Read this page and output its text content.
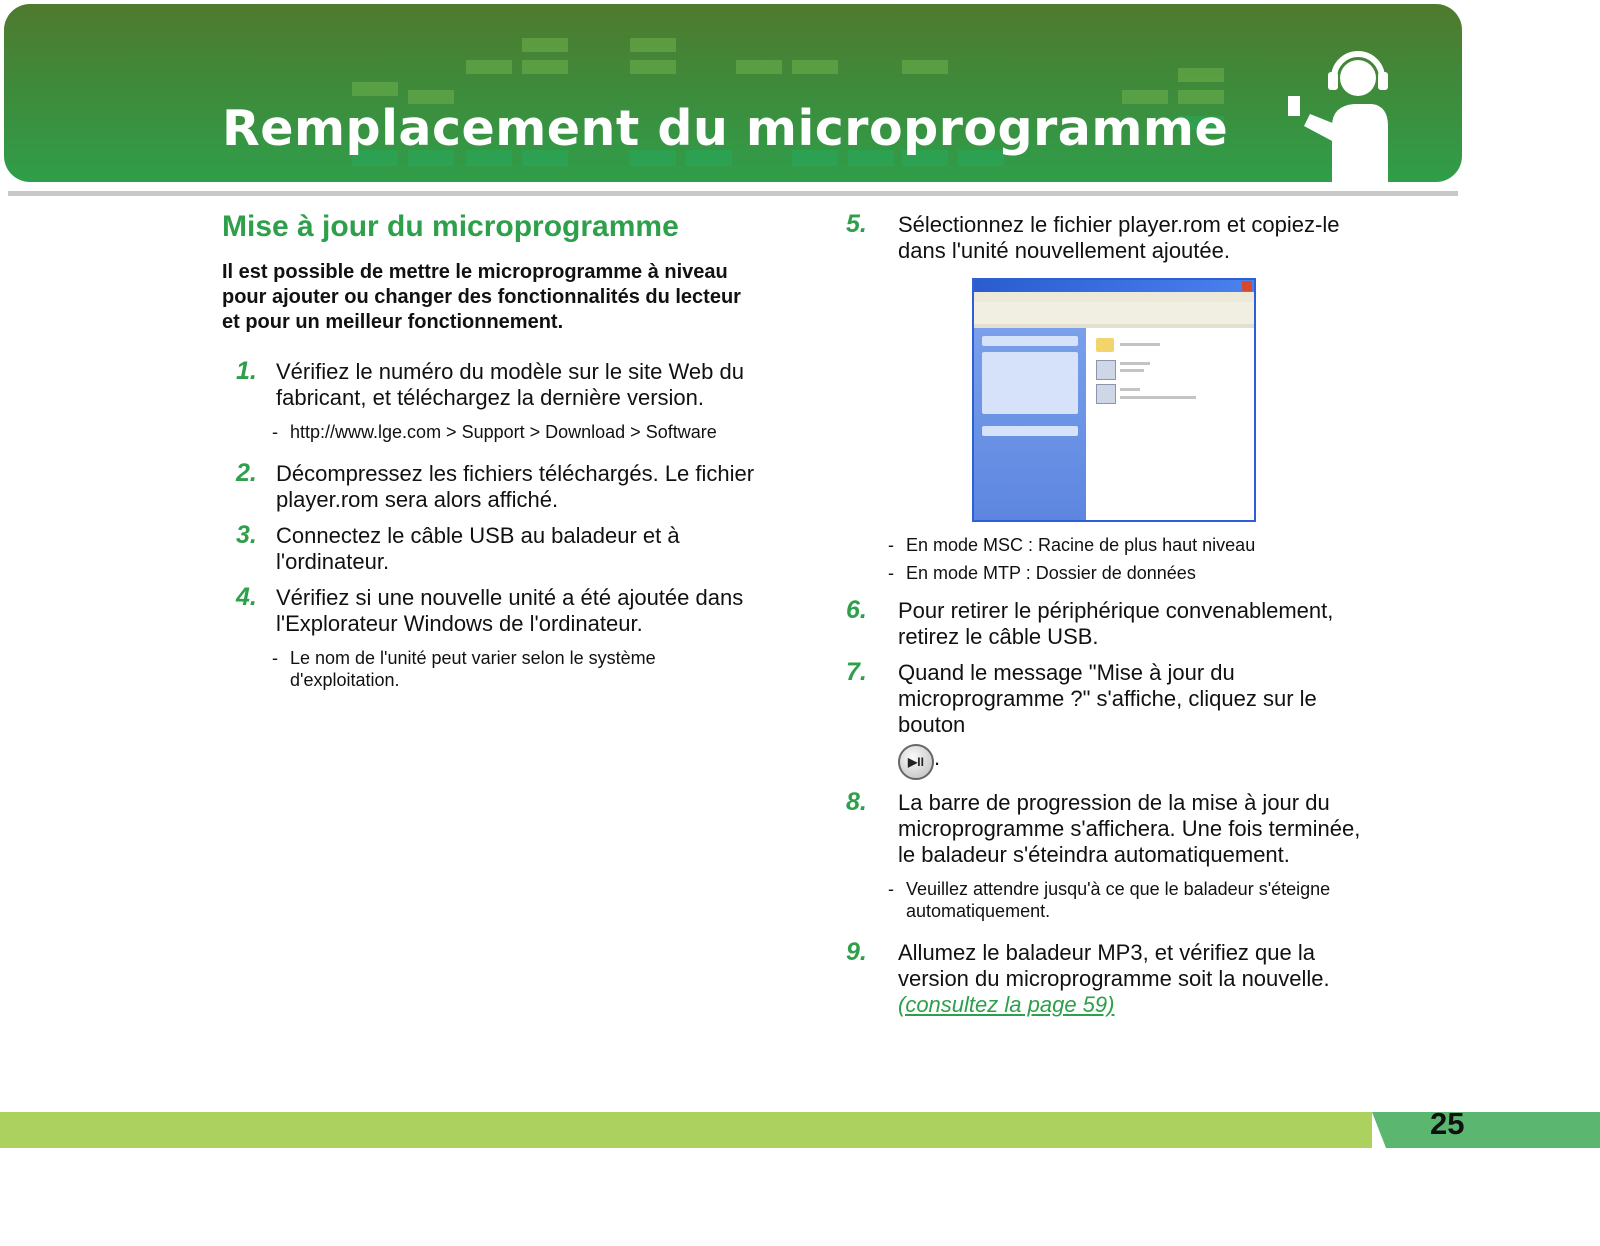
Remplacement du microprogramme
Mise à jour du microprogramme

Il est possible de mettre le microprogramme à niveau pour ajouter ou changer des fonctionnalités du lecteur et pour un meilleur fonctionnement.

1. Vérifiez le numéro du modèle sur le site Web du fabricant, et téléchargez la dernière version.
- http://www.lge.com > Support > Download > Software
2. Décompressez les fichiers téléchargés. Le fichier player.rom sera alors affiché.
3. Connectez le câble USB au baladeur et à l'ordinateur.
4. Vérifiez si une nouvelle unité a été ajoutée dans l'Explorateur Windows de l'ordinateur.
- Le nom de l'unité peut varier selon le système d'exploitation.
5. Sélectionnez le fichier player.rom et copiez-le dans l'unité nouvellement ajoutée.
- En mode MSC : Racine de plus haut niveau
- En mode MTP : Dossier de données
6. Pour retirer le périphérique convenablement, retirez le câble USB.
7. Quand le message "Mise à jour du microprogramme ?" s'affiche, cliquez sur le bouton

▶II .
8. La barre de progression de la mise à jour du microprogramme s'affichera. Une fois terminée, le baladeur s'éteindra automatiquement.
- Veuillez attendre jusqu'à ce que le baladeur s'éteigne automatiquement.
9. Allumez le baladeur MP3, et vérifiez que la version du microprogramme soit la nouvelle.
(consultez la page 59)
25
